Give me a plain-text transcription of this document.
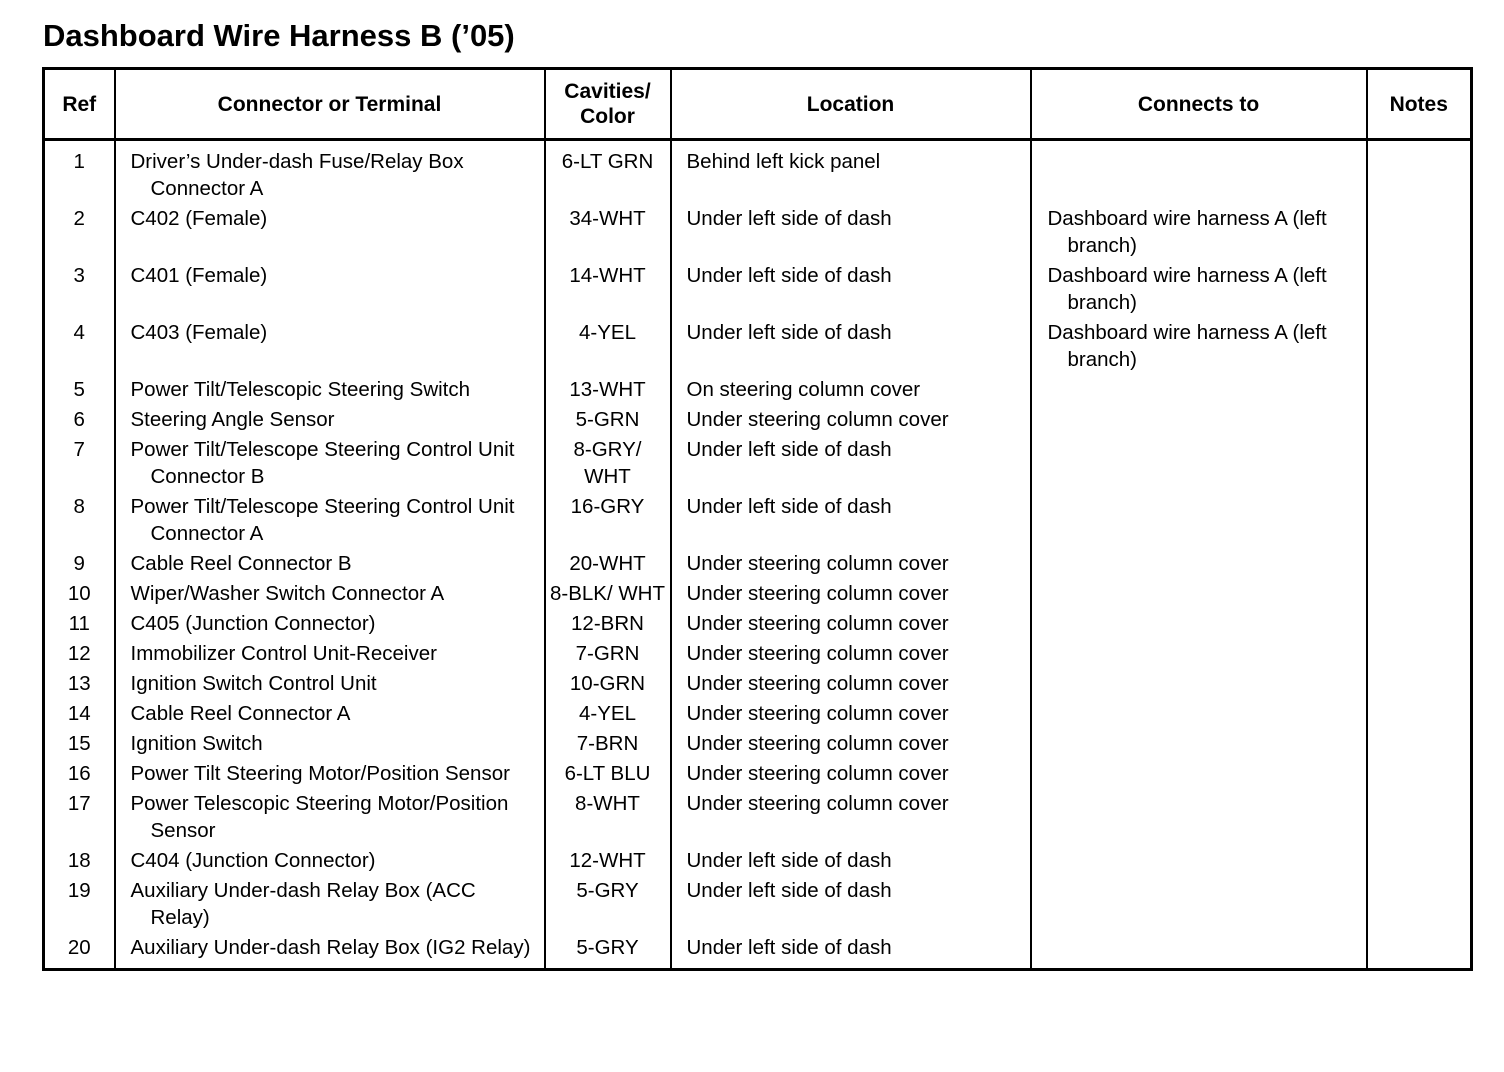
Dashboard Wire Harness B (’05)
Ref	Connector or Terminal	Cavities/ Color	Location	Connects to	Notes
1	Driver’s Under-dash Fuse/Relay Box Connector A	6-LT GRN	Behind left kick panel		
2	C402 (Female)	34-WHT	Under left side of dash	Dashboard wire harness A (left branch)	
3	C401 (Female)	14-WHT	Under left side of dash	Dashboard wire harness A (left branch)	
4	C403 (Female)	4-YEL	Under left side of dash	Dashboard wire harness A (left branch)	
5	Power Tilt/Telescopic Steering Switch	13-WHT	On steering column cover		
6	Steering Angle Sensor	5-GRN	Under steering column cover		
7	Power Tilt/Telescope Steering Control Unit Connector B	8-GRY/ WHT	Under left side of dash		
8	Power Tilt/Telescope Steering Control Unit Connector A	16-GRY	Under left side of dash		
9	Cable Reel Connector B	20-WHT	Under steering column cover		
10	Wiper/Washer Switch Connector A	8-BLK/ WHT	Under steering column cover		
11	C405 (Junction Connector)	12-BRN	Under steering column cover		
12	Immobilizer Control Unit-Receiver	7-GRN	Under steering column cover		
13	Ignition Switch Control Unit	10-GRN	Under steering column cover		
14	Cable Reel Connector A	4-YEL	Under steering column cover		
15	Ignition Switch	7-BRN	Under steering column cover		
16	Power Tilt Steering Motor/Position Sensor	6-LT BLU	Under steering column cover		
17	Power Telescopic Steering Motor/Position Sensor	8-WHT	Under steering column cover		
18	C404 (Junction Connector)	12-WHT	Under left side of dash		
19	Auxiliary Under-dash Relay Box (ACC Relay)	5-GRY	Under left side of dash		
20	Auxiliary Under-dash Relay Box (IG2 Relay)	5-GRY	Under left side of dash		
